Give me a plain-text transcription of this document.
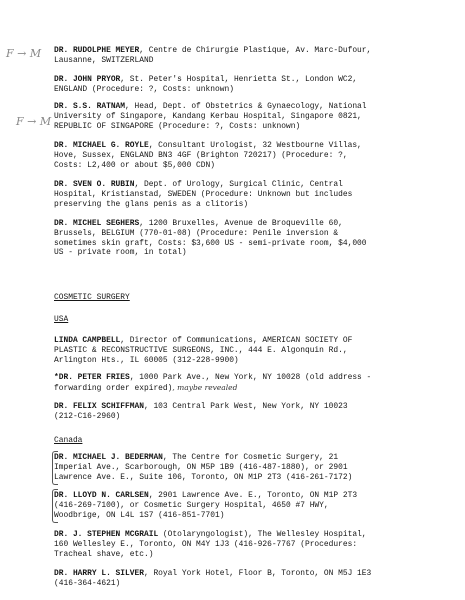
F → M
F → M
DR. RUDOLPHE MEYER, Centre de Chirurgie Plastique, Av. Marc-Dufour,
Lausanne, SWITZERLAND
DR. JOHN PRYOR, St. Peter's Hospital, Henrietta St., London WC2,
ENGLAND (Procedure: ?, Costs: unknown)
DR. S.S. RATNAM, Head, Dept. of Obstetrics & Gynaecology, National
University of Singapore, Kandang Kerbau Hospital, Singapore 0821,
REPUBLIC OF SINGAPORE (Procedure: ?, Costs: unknown)
DR. MICHAEL G. ROYLE, Consultant Urologist, 32 Westbourne Villas,
Hove, Sussex, ENGLAND BN3 4GF (Brighton 720217) (Procedure: ?,
Costs: L2,400 or about $5,000 CDN)
DR. SVEN O. RUBIN, Dept. of Urology, Surgical Clinic, Central
Hospital, Kristianstad, SWEDEN (Procedure: Unknown but includes
preserving the glans penis as a clitoris)
DR. MICHEL SEGHERS, 1200 Bruxelles, Avenue de Broqueville 60,
Brussels, BELGIUM (770-01-08) (Procedure: Penile inversion &
sometimes skin graft, Costs: $3,600 US - semi-private room, $4,000
US - private room, in total)
COSMETIC SURGERY
USA
LINDA CAMPBELL, Director of Communications, AMERICAN SOCIETY OF
PLASTIC & RECONSTRUCTIVE SURGEONS, INC., 444 E. Algonquin Rd.,
Arlington Hts., IL 60005 (312-228-9900)
*DR. PETER FRIES, 1000 Park Ave., New York, NY 10028 (old address -
forwarding order expired), maybe revealed
DR. FELIX SCHIFFMAN, 103 Central Park West, New York, NY 10023
(212-C16-2960)
Canada
DR. MICHAEL J. BEDERMAN, The Centre for Cosmetic Surgery, 21
Imperial Ave., Scarborough, ON M5P 1B9 (416-487-1880), or 2901
Lawrence Ave. E., Suite 106, Toronto, ON M1P 2T3 (416-261-7172)
DR. LLOYD N. CARLSEN, 2901 Lawrence Ave. E., Toronto, ON M1P 2T3
(416-269-7100), or Cosmetic Surgery Hospital, 4650 #7 HWY,
Woodbrige, ON L4L 1S7 (416-851-7701)
DR. J. STEPHEN MCGRAIL (Otolaryngologist), The Wellesley Hospital,
160 Wellesley E., Toronto, ON M4Y 1J3 (416-926-7767 (Procedures:
Tracheal shave, etc.)
DR. HARRY L. SILVER, Royal York Hotel, Floor B, Toronto, ON M5J 1E3
(416-364-4621)
